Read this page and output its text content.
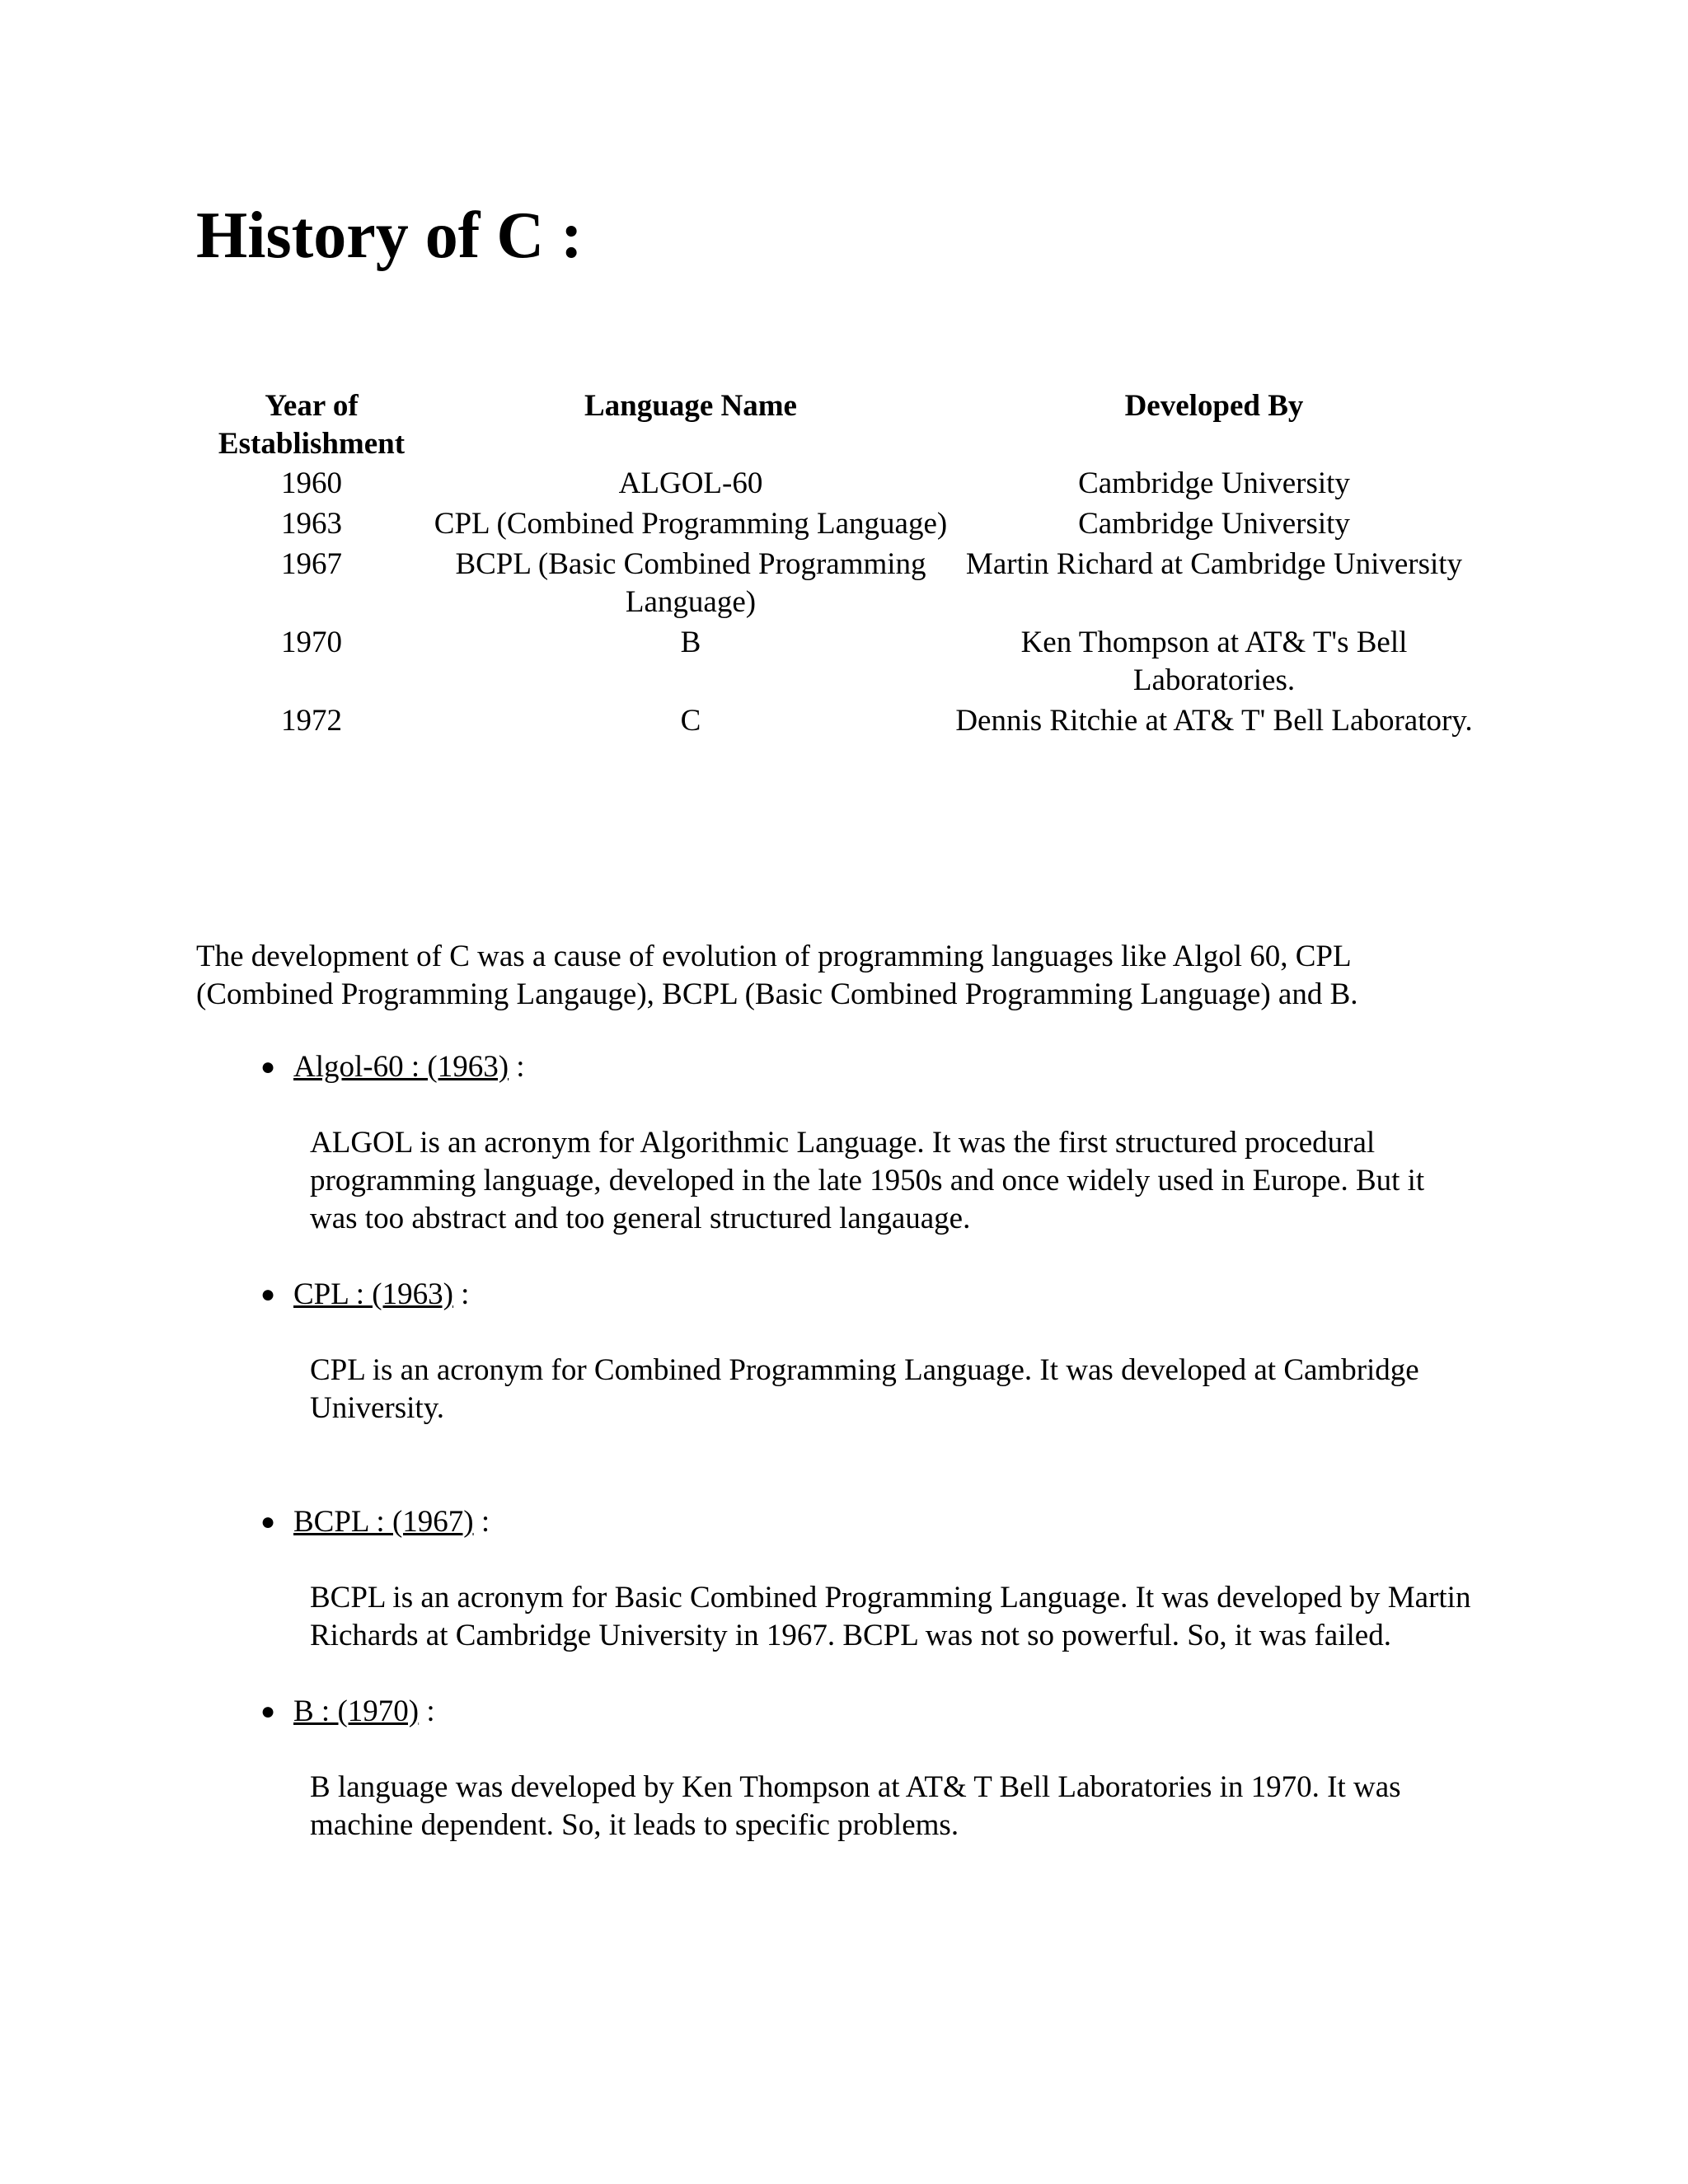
History of C :
Year of Establishment	Language Name	Developed By
1960	ALGOL-60	Cambridge University
1963	CPL (Combined Programming Language)	Cambridge University
1967	BCPL (Basic Combined Programming Language)	Martin Richard at Cambridge University
1970	B	Ken Thompson at AT& T's Bell Laboratories.
1972	C	Dennis Ritchie at AT& T' Bell Laboratory.

The development of C was a cause of evolution of programming languages like Algol 60, CPL (Combined Programming Langauge), BCPL (Basic Combined Programming Language) and B.

● Algol-60 : (1963) :

ALGOL is an acronym for Algorithmic Language. It was the first structured procedural programming language, developed in the late 1950s and once widely used in Europe. But it was too abstract and too general structured langauage.

● CPL : (1963) :

CPL is an acronym for Combined Programming Language. It was developed at Cambridge University.

● BCPL : (1967) :

BCPL is an acronym for Basic Combined Programming Language. It was developed by Martin Richards at Cambridge University in 1967. BCPL was not so powerful. So, it was failed.

● B : (1970) :

B language was developed by Ken Thompson at AT& T Bell Laboratories in 1970. It was machine dependent. So, it leads to specific problems.
